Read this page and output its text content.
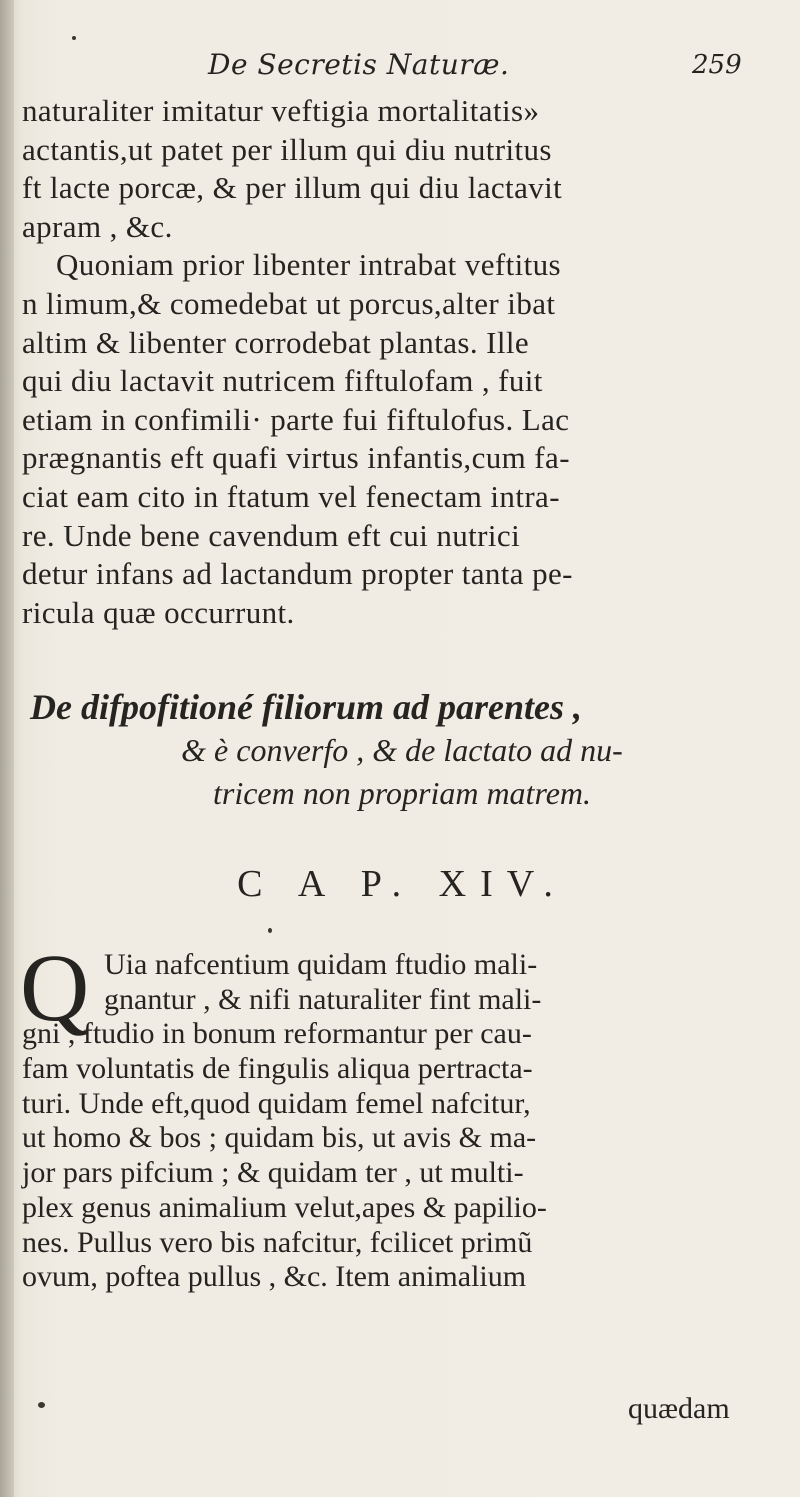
De Secretis Naturæ.	259
naturaliter imitatur veftigia mortalitatis»
actantis,ut patet per illum qui diu nutritus
ft lacte porcæ, & per illum qui diu lactavit
apram , &c.
Quoniam prior libenter intrabat veftitus
n limum,& comedebat ut porcus,alter ibat
altim & libenter corrodebat plantas. Ille
qui diu lactavit nutricem fiftulofam , fuit
etiam in confimili· parte fui fiftulofus. Lac
prægnantis eft quafi virtus infantis,cum fa-
ciat eam cito in ftatum vel fenectam intra-
re. Unde bene cavendum eft cui nutrici
detur infans ad lactandum propter tanta pe-
ricula quæ occurrunt.
De difpofitioné filiorum ad parentes ,
& è converfo , & de lactato ad nu-
tricem non propriam matrem.
C A P. XIV.
Q Uia nafcentium quidam ftudio mali-
gnantur , & nifi naturaliter fint mali-
gni , ftudio in bonum reformantur per cau-
fam voluntatis de fingulis aliqua pertracta-
turi. Unde eft,quod quidam femel nafcitur,
ut homo & bos ; quidam bis, ut avis & ma-
jor pars pifcium ; & quidam ter , ut multi-
plex genus animalium velut,apes & papilio-
nes. Pullus vero bis nafcitur, fcilicet primũ
ovum, poftea pullus , &c. Item animalium
quædam
